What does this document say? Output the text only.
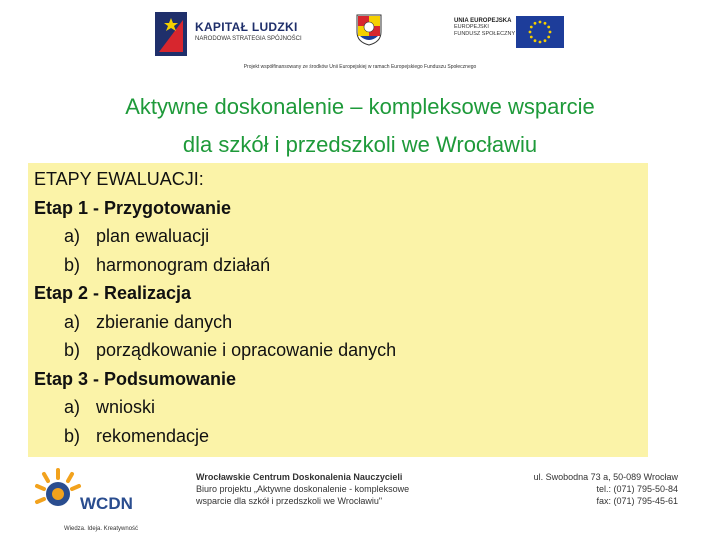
KAPITAŁ LUDZKI
NARODOWA STRATEGIA SPÓJNOŚCI
UNIA EUROPEJSKA
EUROPEJSKI
FUNDUSZ SPOŁECZNY
Projekt współfinansowany ze środków Unii Europejskiej w ramach Europejskiego Funduszu Społecznego
Aktywne doskonalenie – kompleksowe wsparcie
dla szkół i przedszkoli we Wrocławiu
ETAPY EWALUACJI:
Etap 1 - Przygotowanie
a) plan ewaluacji
b) harmonogram działań
Etap 2 - Realizacja
a) zbieranie danych
b) porządkowanie i opracowanie danych
Etap 3 - Podsumowanie
a) wnioski
b) rekomendacje
WCDN
Wiedza. Ideja. Kreatywność
Wrocławskie Centrum Doskonalenia Nauczycieli
Biuro projektu „Aktywne doskonalenie - kompleksowe
wsparcie dla szkół i przedszkoli we Wrocławiu"
ul. Swobodna 73 a, 50-089 Wrocław
tel.: (071) 795-50-84
fax: (071) 795-45-61
